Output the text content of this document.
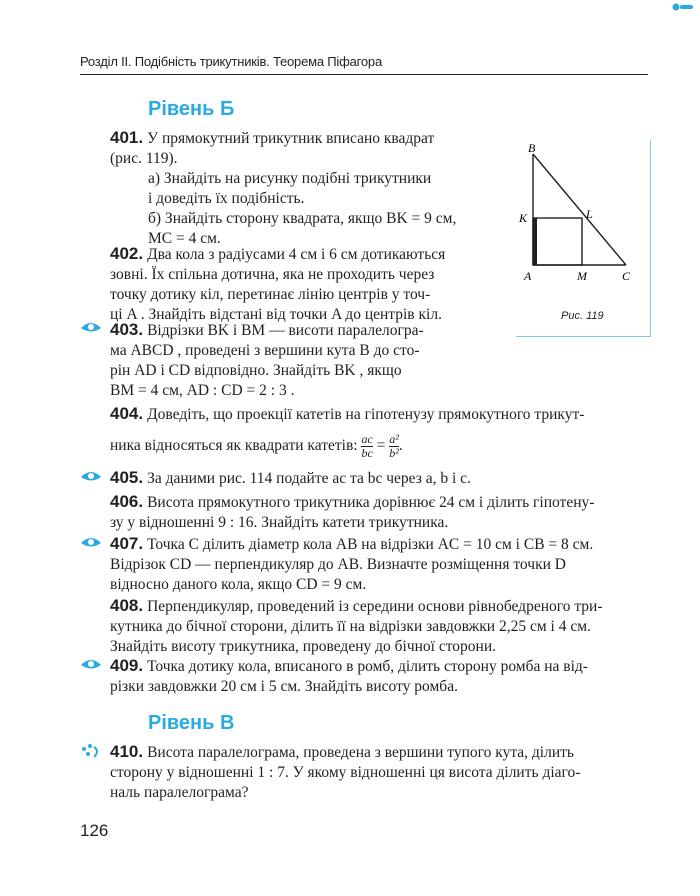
Розділ ІІ. Подібність трикутників. Теорема Піфагора
Рівень Б
401. У прямокутний трикутник вписано квадрат
(рис. 119).
а) Знайдіть на рисунку подібні трикутники
і доведіть їх подібність.
б) Знайдіть сторону квадрата, якщо BK = 9 см,
MC = 4 см.
B
K	L
A	M	C
Рис. 119
402. Два кола з радіусами 4 см і 6 см дотикаються
зовні. Їх спільна дотична, яка не проходить через
точку дотику кіл, перетинає лінію центрів у точ-
ці A . Знайдіть відстані від точки A до центрів кіл.
403. Відрізки BK і BM — висоти паралелогра-
ма ABCD , проведені з вершини кута B до сто-
рін AD і CD відповідно. Знайдіть BK , якщо
BM = 4 см, AD : CD = 2 : 3 .
404. Доведіть, що проекції катетів на гіпотенузу прямокутного трикут-
ника відносяться як квадрати катетів: $\frac{aс}{bс} = \frac{\text{a²}}{\text{b²}}$ .
405. За даними рис. 114 подайте aс та bс через a, b і c.
406. Висота прямокутного трикутника дорівнює 24 см і ділить гіпотену-
зу у відношенні 9 : 16. Знайдіть катети трикутника.
407. Точка C ділить діаметр кола AB на відрізки AC = 10 см і CB = 8 см.
Відрізок CD — перпендикуляр до AB. Визначте розміщення точки D
відносно даного кола, якщо CD = 9 см.
408. Перпендикуляр, проведений із середини основи рівнобедреного три-
кутника до бічної сторони, ділить її на відрізки завдовжки 2,25 см і 4 см.
Знайдіть висоту трикутника, проведену до бічної сторони.
409. Точка дотику кола, вписаного в ромб, ділить сторону ромба на від-
різки завдовжки 20 см і 5 см. Знайдіть висоту ромба.
Рівень В
410. Висота паралелограма, проведена з вершини тупого кута, ділить
сторону у відношенні 1 : 7. У якому відношенні ця висота ділить діаго-
наль паралелограма?
126
